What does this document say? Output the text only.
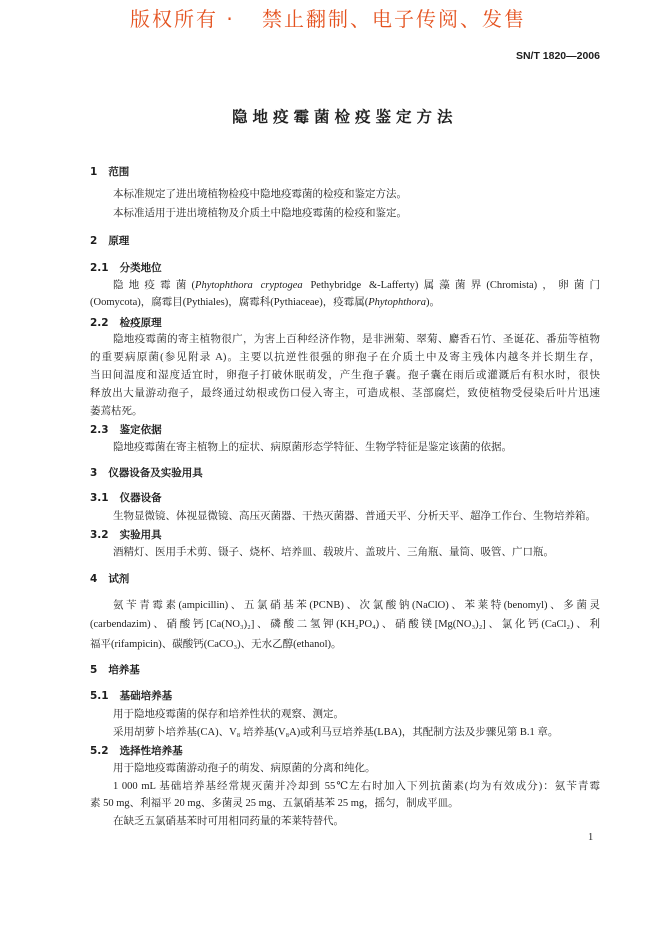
版权所有 · 禁止翻制、电子传阅、发售
SN/T 1820—2006
隐地疫霉菌检疫鉴定方法
1 范围
本标准规定了进出境植物检疫中隐地疫霉菌的检疫和鉴定方法。
本标准适用于进出境植物及介质土中隐地疫霉菌的检疫和鉴定。
2 原理
2.1 分类地位
隐地疫霉菌(Phytophthora cryptogea Pethybridge &-Lafferty)属藻菌界(Chromista)，卵菌门
(Oomycota)，腐霉目(Pythiales)，腐霉科(Pythiaceae)，疫霉属(Phytophthora)。
2.2 检疫原理
隐地疫霉菌的寄主植物很广，为害上百种经济作物，是非洲菊、翠菊、麝香石竹、圣诞花、番茄等植物
的重要病原菌(参见附录 A)。主要以抗逆性很强的卵孢子在介质土中及寄主残体内越冬并长期生存，
当田间温度和湿度适宜时，卵孢子打破休眠萌发，产生孢子囊。孢子囊在雨后或灌溉后有积水时，很快
释放出大量游动孢子，最终通过幼根或伤口侵入寄主，可造成根、茎部腐烂，致使植物受侵染后叶片迅速
萎蔫枯死。
2.3 鉴定依据
隐地疫霉菌在寄主植物上的症状、病原菌形态学特征、生物学特征是鉴定该菌的依据。
3 仪器设备及实验用具
3.1 仪器设备
生物显微镜、体视显微镜、高压灭菌器、干热灭菌器、普通天平、分析天平、超净工作台、生物培养箱。
3.2 实验用具
酒精灯、医用手术剪、镊子、烧杯、培养皿、载玻片、盖玻片、三角瓶、量筒、吸管、广口瓶。
4 试剂
氨苄青霉素(ampicillin)、五氯硝基苯(PCNB)、次氯酸钠(NaClO)、苯莱特(benomyl)、多菌灵
(carbendazim)、硝酸钙[Ca(NO₃)₂]、磷酸二氢钾(KH₂PO₄)、硝酸镁[Mg(NO₃)₂]、氯化钙(CaCl₂)、利
福平(rifampicin)、碳酸钙(CaCO₃)、无水乙醇(ethanol)。
5 培养基
5.1 基础培养基
用于隐地疫霉菌的保存和培养性状的观察、测定。
采用胡萝卜培养基(CA)、V₈ 培养基(V₈A)或利马豆培养基(LBA)，其配制方法及步骤见第 B.1 章。
5.2 选择性培养基
用于隐地疫霉菌游动孢子的萌发、病原菌的分离和纯化。
1 000 mL 基础培养基经常规灭菌并冷却到 55℃左右时加入下列抗菌素(均为有效成分)：氨苄青霉
素 50 mg、利福平 20 mg、多菌灵 25 mg、五氯硝基苯 25 mg，摇匀，制成平皿。
在缺乏五氯硝基苯时可用相同药量的苯莱特替代。
1
